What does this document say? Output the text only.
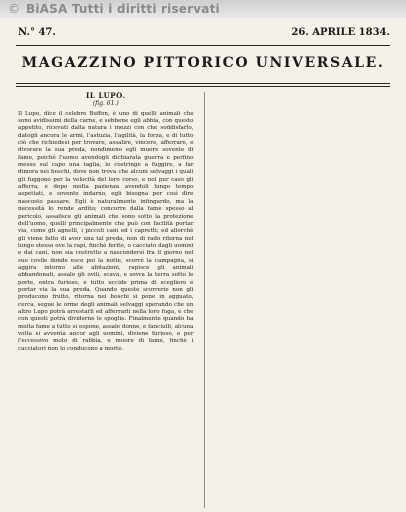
© BiASA Tutti i diritti riservati
N.° 47.	26. APRILE 1834.
MAGAZZINO PITTORICO UNIVERSALE.
IL LUPO.
(fig. 61.)

Il Lupo, dice il celebre Buffon, è uno di quelli animali che sono avidissimi della carne, e sebbene egli abbia, con questo appetito, ricevuti dalla natura i mezzi con che soddisfarlo, datogli ancora le armi, l'astuzia, l'agilità, la forza, e di tutto ciò che richiedesi per trovare, assalire, vincere, afferrare, e divorare la sua preda, nondimeno egli muore sovente di fame, poichè l'uomo avendogli dichiarata guerra e perfino messo sul capo una taglia, lo costringe a fuggire, a far dimora nei boschi, dove non trova che alcuni selvaggi i quali gli fuggono per la velocità del loro corso, e nol pur caso gli afferra, e dopo molta pazienza avendoli lungo tempo aspettati, e sovente indarno, egli bisogna per così dire nascosto passare. Egli è naturalmente infingardo, ma la necessità lo rende ardito; concorre dalla fame spesso al pericolo, assalisce gli animali che sono sotto la protezione dell'uomo, quelli principalmente che può con facilità portar via, come gli agnelli, i piccoli cani ed i capretti; ed allorchè gli viene fatto di aver una tal preda, non di rado ritorna nel lungo stesso ove la rapì, finchè ferito, o cacciato dagli uomini e dai cani, non sia costretto a nascondersi fra il giorno nel suo covile donde esce poi la notte, scorre la campagna, si aggira intorno alle abitazioni, rapisce gli animali abbandonati, assale gli ovili, scava, e sovra la terra sotto le porte, entra furioso, e tutto uccide prima di scegliere e portar via la sua preda. Quando queste scorrerie non gli producono frutto, ritorna nei boschi si pone in agguato, cerca, segue le orme degli animali selvaggi sperando che un altro Lupo potrà arrestarli ed afferrarli nella loro fuga, e che con questi potrà dividerne le spoglie. Finalmente quando ha molta fame a tutto si espone, assale donne, e fanciulli, alcuna volta si avventa ancor agli uomini, diviene furioso, e per l'eccessivo moto di rabbia, e muore di fame, finchè i cacciatori non lo conducono a morte.
